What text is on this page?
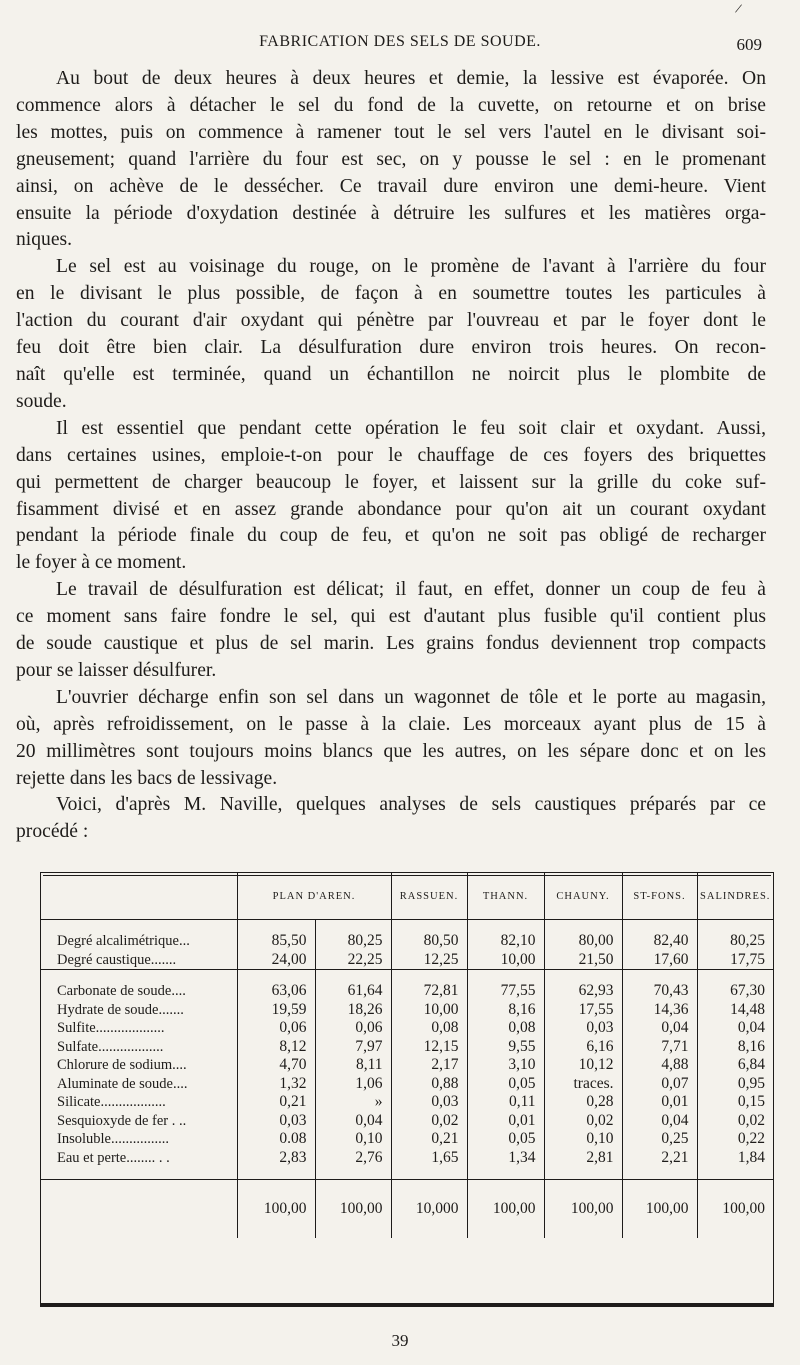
/
FABRICATION DES SELS DE SOUDE.	609

Au bout de deux heures à deux heures et demie, la lessive est évaporée. On
commence alors à détacher le sel du fond de la cuvette, on retourne et on brise
les mottes, puis on commence à ramener tout le sel vers l'autel en le divisant soi-
gneusement; quand l'arrière du four est sec, on y pousse le sel : en le promenant
ainsi, on achève de le dessécher. Ce travail dure environ une demi-heure. Vient
ensuite la période d'oxydation destinée à détruire les sulfures et les matières orga-
niques.

Le sel est au voisinage du rouge, on le promène de l'avant à l'arrière du four
en le divisant le plus possible, de façon à en soumettre toutes les particules à
l'action du courant d'air oxydant qui pénètre par l'ouvreau et par le foyer dont le
feu doit être bien clair. La désulfuration dure environ trois heures. On recon-
naît qu'elle est terminée, quand un échantillon ne noircit plus le plombite de
soude.

Il est essentiel que pendant cette opération le feu soit clair et oxydant. Aussi,
dans certaines usines, emploie-t-on pour le chauffage de ces foyers des briquettes
qui permettent de charger beaucoup le foyer, et laissent sur la grille du coke suf-
fisamment divisé et en assez grande abondance pour qu'on ait un courant oxydant
pendant la période finale du coup de feu, et qu'on ne soit pas obligé de recharger
le foyer à ce moment.

Le travail de désulfuration est délicat; il faut, en effet, donner un coup de feu à
ce moment sans faire fondre le sel, qui est d'autant plus fusible qu'il contient plus
de soude caustique et plus de sel marin. Les grains fondus deviennent trop compacts
pour se laisser désulfurer.

L'ouvrier décharge enfin son sel dans un wagonnet de tôle et le porte au magasin,
où, après refroidissement, on le passe à la claie. Les morceaux ayant plus de 15 à
20 millimètres sont toujours moins blancs que les autres, on les sépare donc et on les
rejette dans les bacs de lessivage.

Voici, d'après M. Naville, quelques analyses de sels caustiques préparés par ce
procédé :

	PLAN D'AREN.		RASSUEN.	THANN.	CHAUNY.	ST-FONS.	SALINDRES.

Degré alcalimétrique...	85,50	80,25	80,50	82,10	80,00	82,40	80,25
Degré caustique.......	24,00	22,25	12,25	10,00	21,50	17,60	17,75

Carbonate de soude....	63,06	61,64	72,81	77,55	62,93	70,43	67,30
Hydrate de soude.......	19,59	18,26	10,00	8,16	17,55	14,36	14,48
Sulfite...................	0,06	0,06	0,08	0,08	0,03	0,04	0,04
Sulfate..................	8,12	7,97	12,15	9,55	6,16	7,71	8,16
Chlorure de sodium....	4,70	8,11	2,17	3,10	10,12	4,88	6,84
Aluminate de soude....	1,32	1,06	0,88	0,05	traces.	0,07	0,95
Silicate..................	0,21	»	0,03	0,11	0,28	0,01	0,15
Sesquioxyde de fer . ..	0,03	0,04	0,02	0,01	0,02	0,04	0,02
Insoluble................	0.08	0,10	0,21	0,05	0,10	0,25	0,22
Eau et perte........ . .	2,83	2,76	1,65	1,34	2,81	2,21	1,84

	100,00	100,00	10,000	100,00	100,00	100,00	100,00
39
